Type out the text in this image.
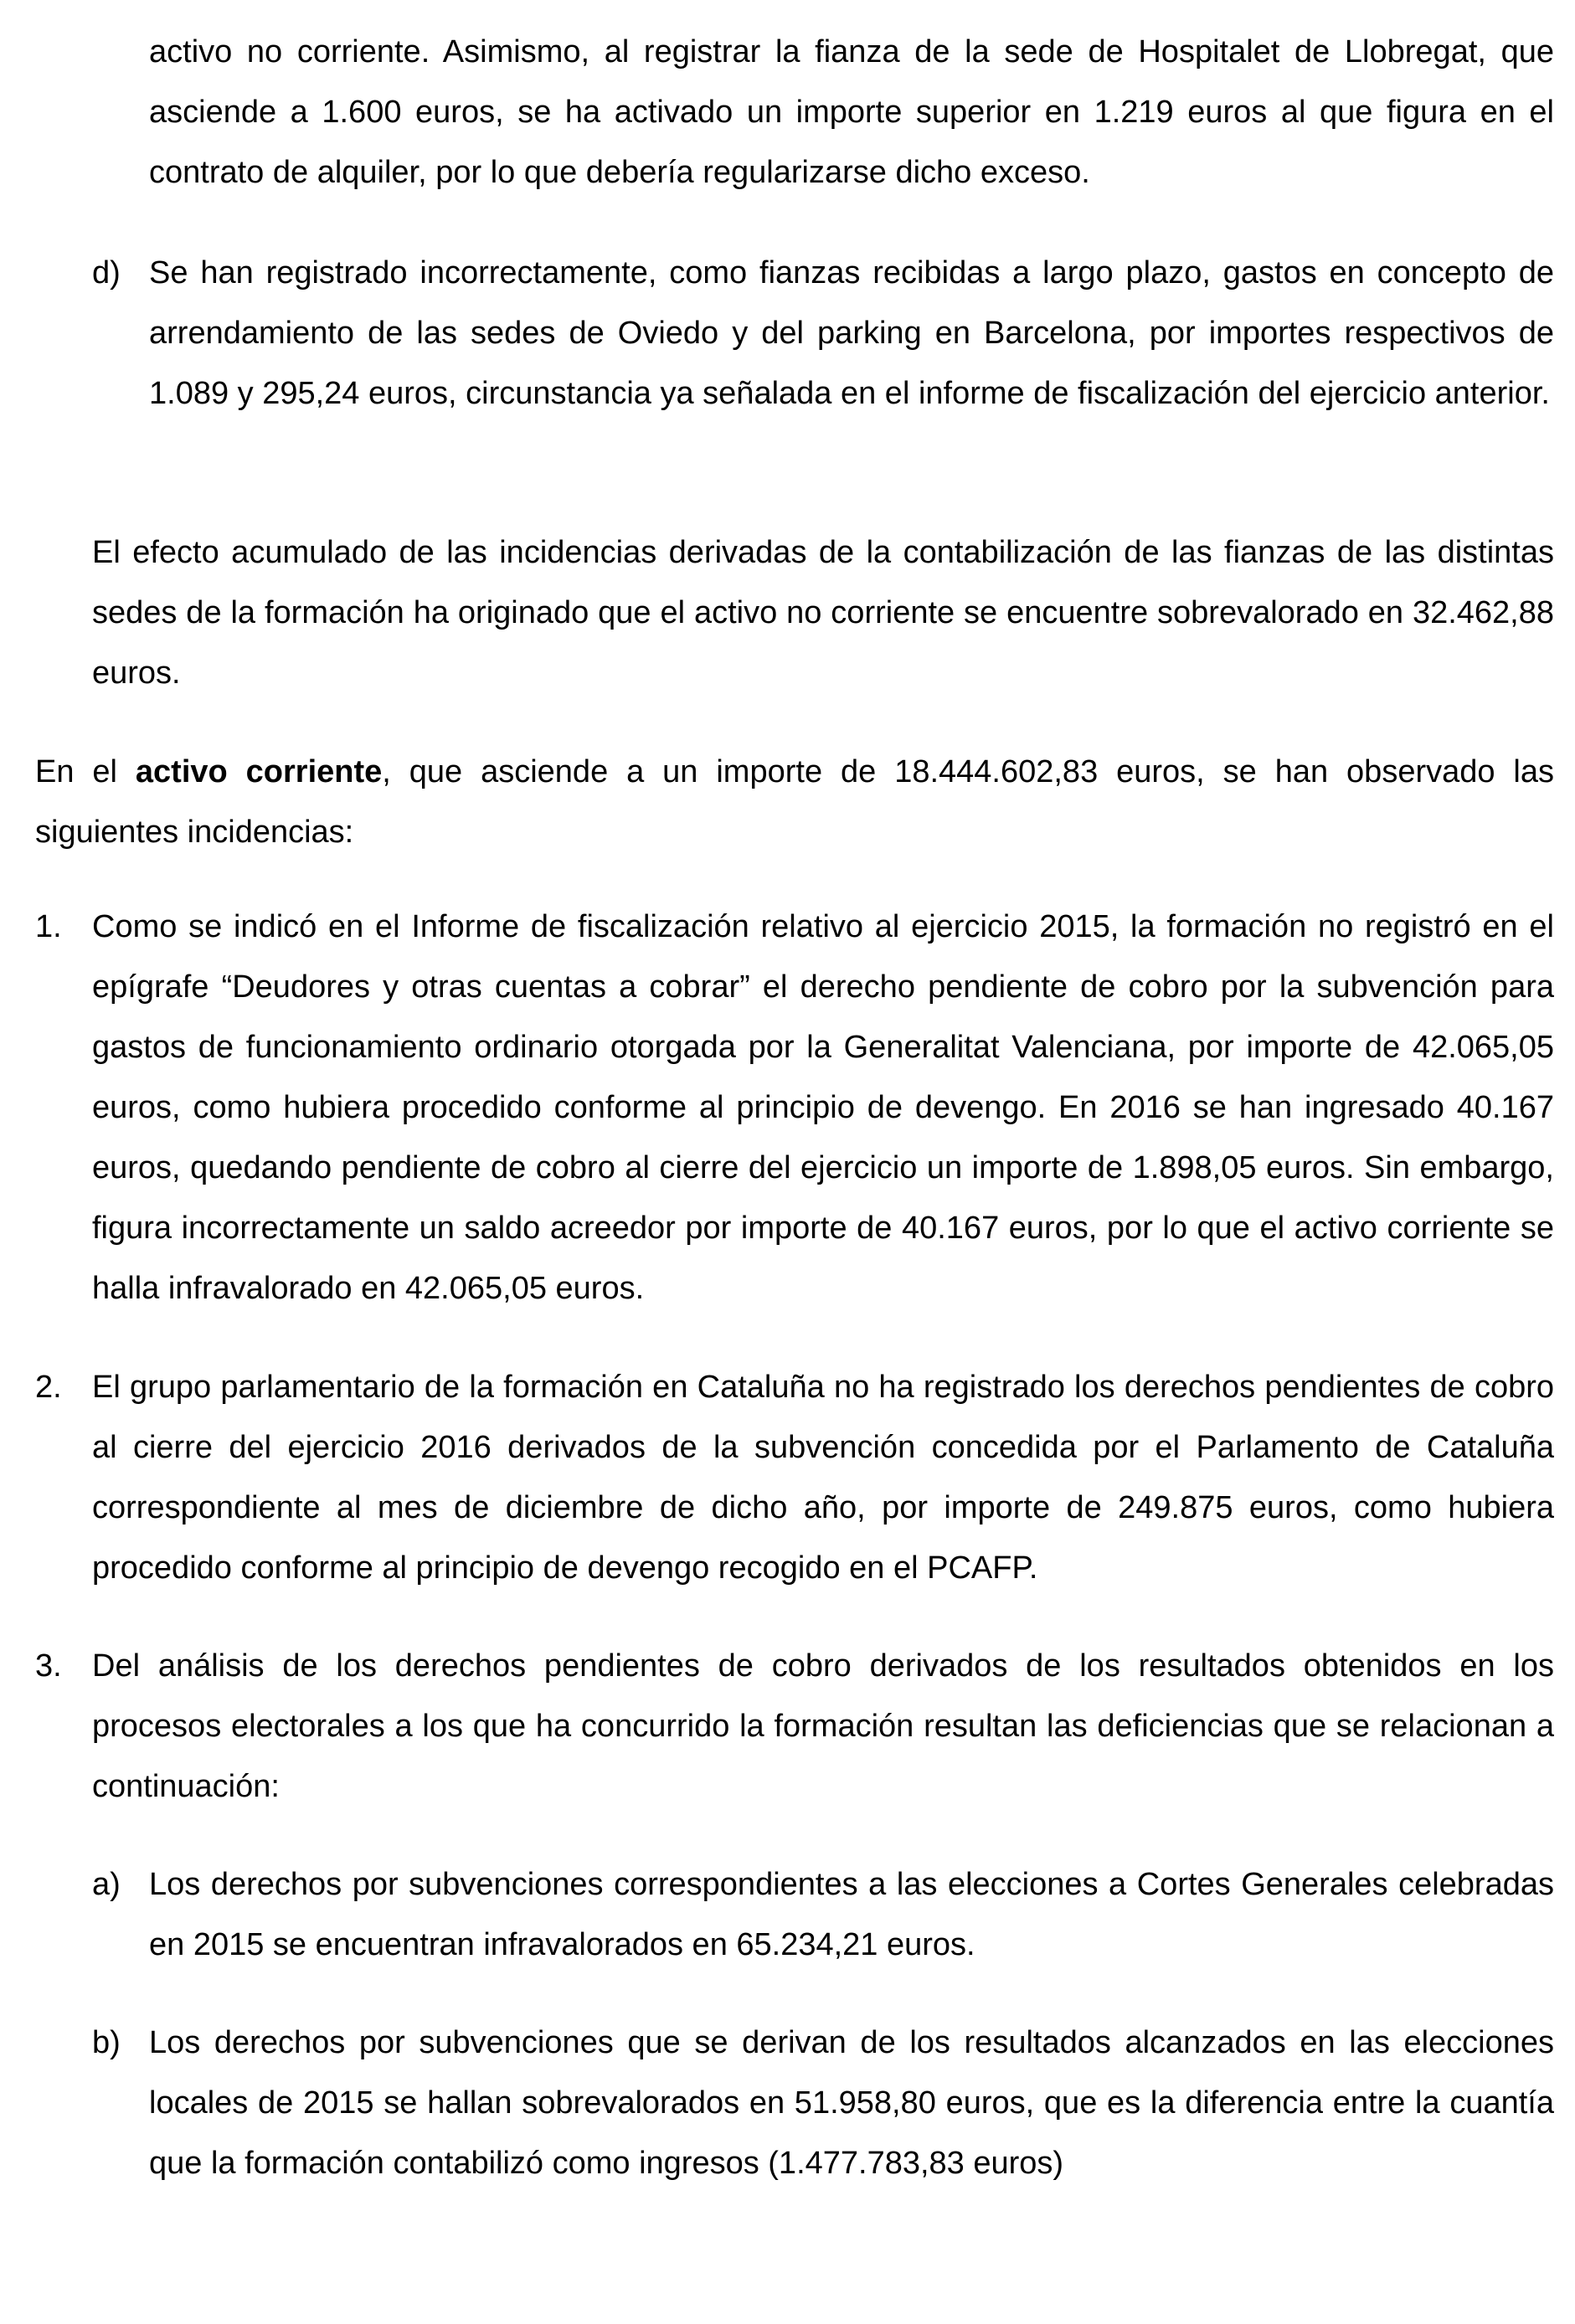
activo no corriente. Asimismo, al registrar la fianza de la sede de Hospitalet de Llobregat, que asciende a 1.600 euros, se ha activado un importe superior en 1.219 euros al que figura en el contrato de alquiler, por lo que debería regularizarse dicho exceso.

d) Se han registrado incorrectamente, como fianzas recibidas a largo plazo, gastos en concepto de arrendamiento de las sedes de Oviedo y del parking en Barcelona, por importes respectivos de 1.089 y 295,24 euros, circunstancia ya señalada en el informe de fiscalización del ejercicio anterior.

El efecto acumulado de las incidencias derivadas de la contabilización de las fianzas de las distintas sedes de la formación ha originado que el activo no corriente se encuentre sobrevalorado en 32.462,88 euros.

En el activo corriente, que asciende a un importe de 18.444.602,83 euros, se han observado las siguientes incidencias:

1. Como se indicó en el Informe de fiscalización relativo al ejercicio 2015, la formación no registró en el epígrafe “Deudores y otras cuentas a cobrar” el derecho pendiente de cobro por la subvención para gastos de funcionamiento ordinario otorgada por la Generalitat Valenciana, por importe de 42.065,05 euros, como hubiera procedido conforme al principio de devengo. En 2016 se han ingresado 40.167 euros, quedando pendiente de cobro al cierre del ejercicio un importe de 1.898,05 euros. Sin embargo, figura incorrectamente un saldo acreedor por importe de 40.167 euros, por lo que el activo corriente se halla infravalorado en 42.065,05 euros.

2. El grupo parlamentario de la formación en Cataluña no ha registrado los derechos pendientes de cobro al cierre del ejercicio 2016 derivados de la subvención concedida por el Parlamento de Cataluña correspondiente al mes de diciembre de dicho año, por importe de 249.875 euros, como hubiera procedido conforme al principio de devengo recogido en el PCAFP.

3. Del análisis de los derechos pendientes de cobro derivados de los resultados obtenidos en los procesos electorales a los que ha concurrido la formación resultan las deficiencias que se relacionan a continuación:

a) Los derechos por subvenciones correspondientes a las elecciones a Cortes Generales celebradas en 2015 se encuentran infravalorados en 65.234,21 euros.

b) Los derechos por subvenciones que se derivan de los resultados alcanzados en las elecciones locales de 2015 se hallan sobrevalorados en 51.958,80 euros, que es la diferencia entre la cuantía que la formación contabilizó como ingresos (1.477.783,83 euros)
